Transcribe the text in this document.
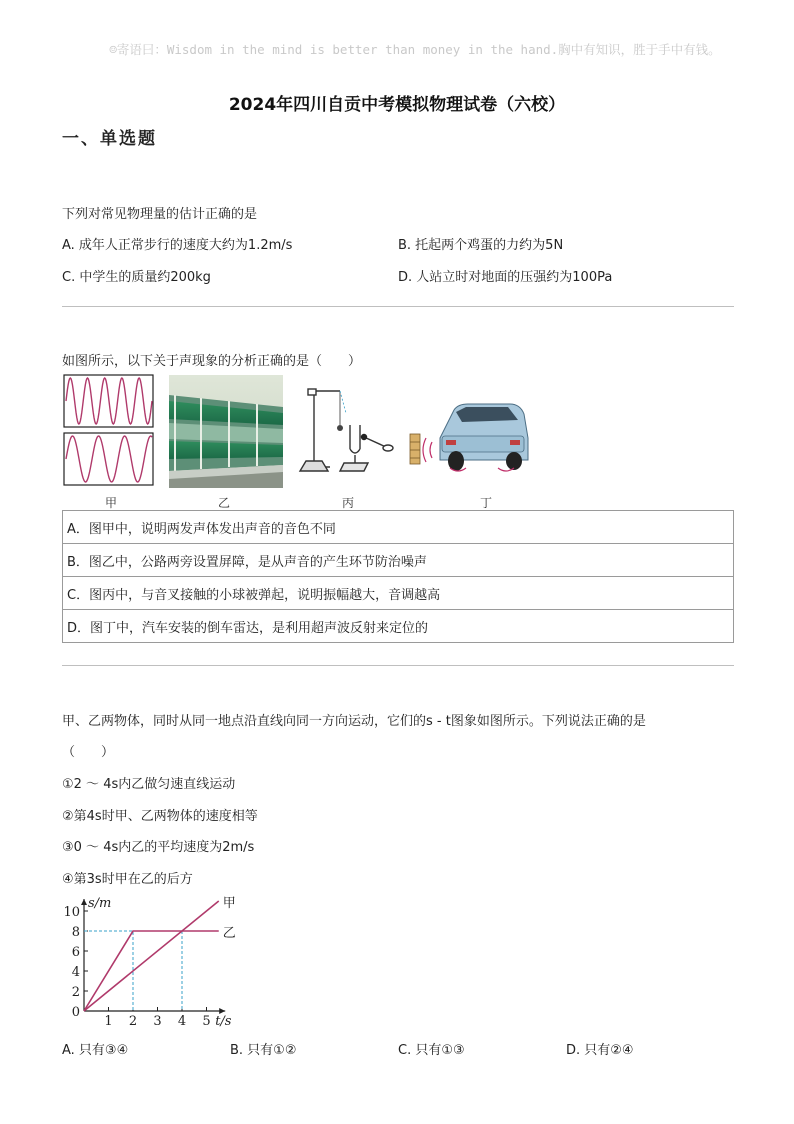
☺寄语曰：Wisdom in the mind is better than money in the hand.胸中有知识，胜于手中有钱。
2024年四川自贡中考模拟物理试卷（六校）
一、单选题
下列对常见物理量的估计正确的是
A. 成年人正常步行的速度大约为1.2m/s	B. 托起两个鸡蛋的力约为5N
C. 中学生的质量约200kg	D. 人站立时对地面的压强约为100Pa
如图所示，以下关于声现象的分析正确的是（　　）
甲	乙	丙	丁
A．图甲中，说明两发声体发出声音的音色不同
B．图乙中，公路两旁设置屏障，是从声音的产生环节防治噪声
C．图丙中，与音叉接触的小球被弹起，说明振幅越大，音调越高
D．图丁中，汽车安装的倒车雷达，是利用超声波反射来定位的
甲、乙两物体，同时从同一地点沿直线向同一方向运动，它们的s - t图象如图所示。下列说法正确的是
（　　）
①2 ～ 4s内乙做匀速直线运动
②第4s时甲、乙两物体的速度相等
③0 ～ 4s内乙的平均速度为2m/s
④第3s时甲在乙的后方
1 2 3 4 5
0
2
4
6
8
10
s/m
t/s
甲
乙
A. 只有③④	B. 只有①②	C. 只有①③	D. 只有②④
